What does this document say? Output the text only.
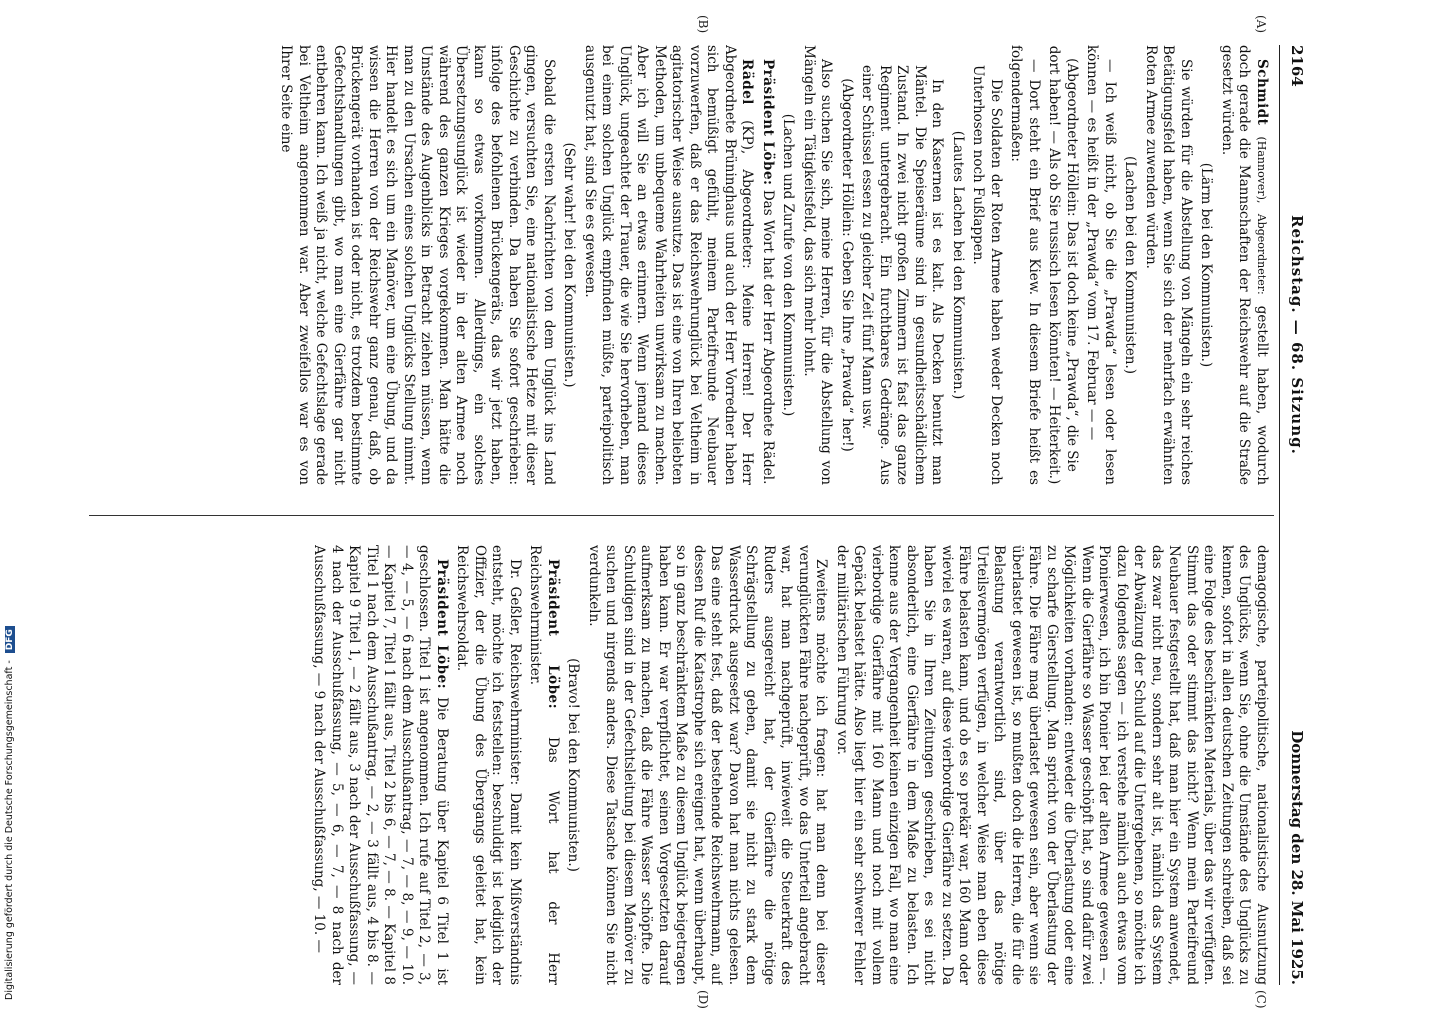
2164
Reichstag. — 68. Sitzung.
Donnerstag den 28. Mai 1925.
(A)
(B)
(C)
(D)

Schmidt (Hannover), Abgeordneter: gestellt haben, wodurch doch gerade die Mannschaften der Reichswehr auf die Straße gesetzt würden.

(Lärm bei den Kommunisten.)

Sie würden für die Abstellung von Mängeln ein sehr reiches Betätigungsfeld haben, wenn Sie sich der mehrfach erwähnten Roten Armee zuwenden würden.

(Lachen bei den Kommunisten.)

— Ich weiß nicht, ob Sie die „Prawda“ lesen oder lesen können — es heißt in der „Prawda“ vom 17. Februar — —

(Abgeordneter Höllein: Das ist doch keine „Prawda“, die Sie dort haben! — Als ob Sie russisch lesen könnten! — Heiterkeit.)

— Dort steht ein Brief aus Kiew. In diesem Briefe heißt es folgendermaßen:

Die Soldaten der Roten Armee haben weder Decken noch Unterhosen noch Fußlappen.

(Lautes Lachen bei den Kommunisten.)

In den Kasernen ist es kalt. Als Decken benutzt man Mäntel. Die Speiseräume sind in gesundheitsschädlichem Zustand. In zwei nicht großen Zimmern ist fast das ganze Regiment untergebracht. Ein furchtbares Gedränge. Aus einer Schüssel essen zu gleicher Zeit fünf Mann usw.

(Abgeordneter Höllein: Geben Sie Ihre „Prawda“ her!)

Also suchen Sie sich, meine Herren, für die Abstellung von Mängeln ein Tätigkeitsfeld, das sich mehr lohnt.

(Lachen und Zurufe von den Kommunisten.)

Präsident Löbe: Das Wort hat der Herr Abgeordnete Rädel.

Rädel (KP), Abgeordneter: Meine Herren! Der Herr Abgeordnete Brüninghaus und auch der Herr Vorredner haben sich bemüßigt gefühlt, meinem Parteifreunde Neubauer vorzuwerfen, daß er das Reichswehrunglück bei Veltheim in agitatorischer Weise ausnutze. Das ist eine von Ihren beliebten Methoden, um unbequeme Wahrheiten unwirksam zu machen. Aber ich will Sie an etwas erinnern. Wenn jemand dieses Unglück, ungeachtet der Trauer, die wie Sie hervorheben, man bei einem solchen Unglück empfinden müßte, parteipolitisch ausgenutzt hat, sind Sie es gewesen.

(Sehr wahr! bei den Kommunisten.)

Sobald die ersten Nachrichten von dem Unglück ins Land gingen, versuchten Sie, eine nationalistische Hetze mit dieser Geschichte zu verbinden. Da haben Sie sofort geschrieben: infolge des befohlenen Brückengeräts, das wir jetzt haben, kann so etwas vorkommen. Allerdings, ein solches Übersetzungsunglück ist wieder in der alten Armee noch während des ganzen Krieges vorgekommen. Man hätte die Umstände des Augenblicks in Betracht ziehen müssen, wenn man zu den Ursachen eines solchen Unglücks Stellung nimmt. Hier handelt es sich um ein Manöver, um eine Übung, und da wissen die Herren von der Reichswehr ganz genau, daß, ob Brückengerät vorhanden ist oder nicht, es trotzdem bestimmte Gefechtshandlungen gibt, wo man eine Gierfähre gar nicht entbehren kann. Ich weiß ja nicht, welche Gefechtslage gerade bei Veltheim angenommen war. Aber zweifellos war es von Ihrer Seite eine

demagogische, parteipolitische, nationalistische Ausnutzung des Unglücks, wenn Sie, ohne die Umstände des Unglücks zu kennen, sofort in allen deutschen Zeitungen schreiben, daß sei eine Folge des beschränkten Materials, über das wir verfügten. Stimmt das oder stimmt das nicht? Wenn mein Parteifreund Neubauer festgestellt hat, daß man hier ein System anwendet, das zwar nicht neu, sondern sehr alt ist, nämlich das System der Abwälzung der Schuld auf die Untergebenen, so möchte ich dazu folgendes sagen — ich verstehe nämlich auch etwas vom Pionierwesen, ich bin Pionier bei der alten Armee gewesen —. Wenn die Gierfähre so Wasser geschöpft hat, so sind dafür zwei Möglichkeiten vorhanden: entweder die Überlastung oder eine zu scharfe Gierstellung. Man spricht von der Überlastung der Fähre. Die Fähre mag überlastet gewesen sein, aber wenn sie überlastet gewesen ist, so mußten doch die Herren, die für die Belastung verantwortlich sind, über das nötige Urteilsvermögen verfügen, in welcher Weise man eben diese Fähre belasten kann, und ob es so prekär war, 160 Mann oder wieviel es waren, auf diese vierbordige Gierfähre zu setzen. Da haben Sie in Ihren Zeitungen geschrieben, es sei nicht absonderlich, eine Gierfähre in dem Maße zu belasten. Ich kenne aus der Vergangenheit keinen einzigen Fall, wo man eine vierbordige Gierfähre mit 160 Mann und noch mit vollem Gepäck belastet hätte. Also liegt hier ein sehr schwerer Fehler der militärischen Führung vor.

Zweitens möchte ich fragen: hat man denn bei dieser verunglückten Fähre nachgeprüft, wo das Unterteil angebracht war, hat man nachgeprüft, inwieweit die Steuerkraft des Ruders ausgereicht hat, der Gierfähre die nötige Schrägstellung zu geben, damit sie nicht zu stark dem Wasserdruck ausgesetzt war? Davon hat man nichts gelesen. Das eine steht fest, daß der bestehende Reichswehrmann, auf dessen Ruf die Katastrophe sich ereignet hat, wenn überhaupt, so in ganz beschränktem Maße zu diesem Unglück beigetragen haben kann. Er war verpflichtet, seinen Vorgesetzten darauf aufmerksam zu machen, daß die Fähre Wasser schöpfte. Die Schuldigen sind in der Gefechtsleitung bei diesem Manöver zu suchen und nirgends anders. Diese Tatsache können Sie nicht verdunkeln.

(Bravo! bei den Kommunisten.)

Präsident Löbe: Das Wort hat der Herr Reichswehrminister.

Dr. Geßler, Reichswehrminister: Damit kein Mißverständnis entsteht, möchte ich feststellen: beschuldigt ist lediglich der Offizier, der die Übung des Übergangs geleitet hat, kein Reichswehrsoldat.

Präsident Löbe: Die Beratung über Kapitel 6 Titel 1 ist geschlossen. Titel 1 ist angenommen. Ich rufe auf Titel 2, — 3, — 4, — 5, — 6 nach dem Ausschußantrag, — 7, — 8, — 9, — 10. — Kapitel 7, Titel 1 fällt aus, Titel 2 bis 6, — 7, — 8. — Kapitel 8 Titel 1 nach dem Ausschußantrag, — 2, — 3 fällt aus, 4 bis 8. — Kapitel 9 Titel 1, — 2 fällt aus, 3 nach der Ausschußfassung, — 4 nach der Ausschußfassung, — 5, — 6, — 7, — 8 nach der Ausschußfassung, — 9 nach der Ausschußfassung, — 10. —

Digitalisierung gefördert durch die Deutsche Forschungsgemeinschaft - DFG
